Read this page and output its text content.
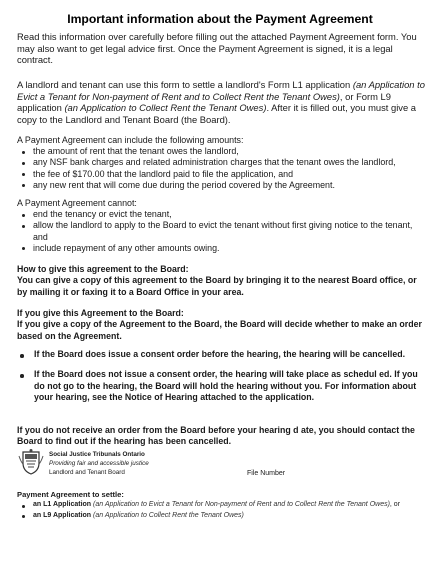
Important information about the Payment Agreement
Read this information over carefully before filling out the attached Payment Agreement form. You may also want to get legal advice first. Once the Payment Agreement is signed, it is a legal contract.
A landlord and tenant can use this form to settle a landlord's Form L1 application (an Application to Evict a Tenant for Non-payment of Rent and to Collect Rent the Tenant Owes), or Form L9 application (an Application to Collect Rent the Tenant Owes). After it is filled out, you must give a copy to the Landlord and Tenant Board (the Board).
A Payment Agreement can include the following amounts:
the amount of rent that the tenant owes the landlord,
any NSF bank charges and related administration charges that the tenant owes the landlord,
the fee of $170.00 that the landlord paid to file the application, and
any new rent that will come due during the period covered by the Agreement.
A Payment Agreement cannot:
end the tenancy or evict the tenant,
allow the landlord to apply to the Board to evict the tenant without first giving notice to the tenant, and
include repayment of any other amounts owing.
How to give this agreement to the Board:
You can give a copy of this agreement to the Board by bringing it to the nearest Board office, or by mailing it or faxing it to a Board Office in your area.
If you give this Agreement to the Board:
If you give a copy of the Agreement to the Board, the Board will decide whether to make an order based on the Agreement.
If the Board does issue a consent order before the hearing, the hearing will be cancelled.
If the Board does not issue a consent order, the hearing will take place as schedul ed. If you do not go to the hearing, the Board will hold the hearing without you. For information about your hearing, see the Notice of Hearing attached to the application.
If you do not receive an order from the Board before your hearing d ate, you should contact the Board to find out if the hearing has been cancelled.
Social Justice Tribunals Ontario
Providing fair and accessible justice
Landlord and Tenant Board	File Number
Payment Agreement to settle:
an L1 Application (an Application to Evict a Tenant for Non-payment of Rent and to Collect Rent the Tenant Owes), or
an L9 Application (an Application to Collect Rent the Tenant Owes)
